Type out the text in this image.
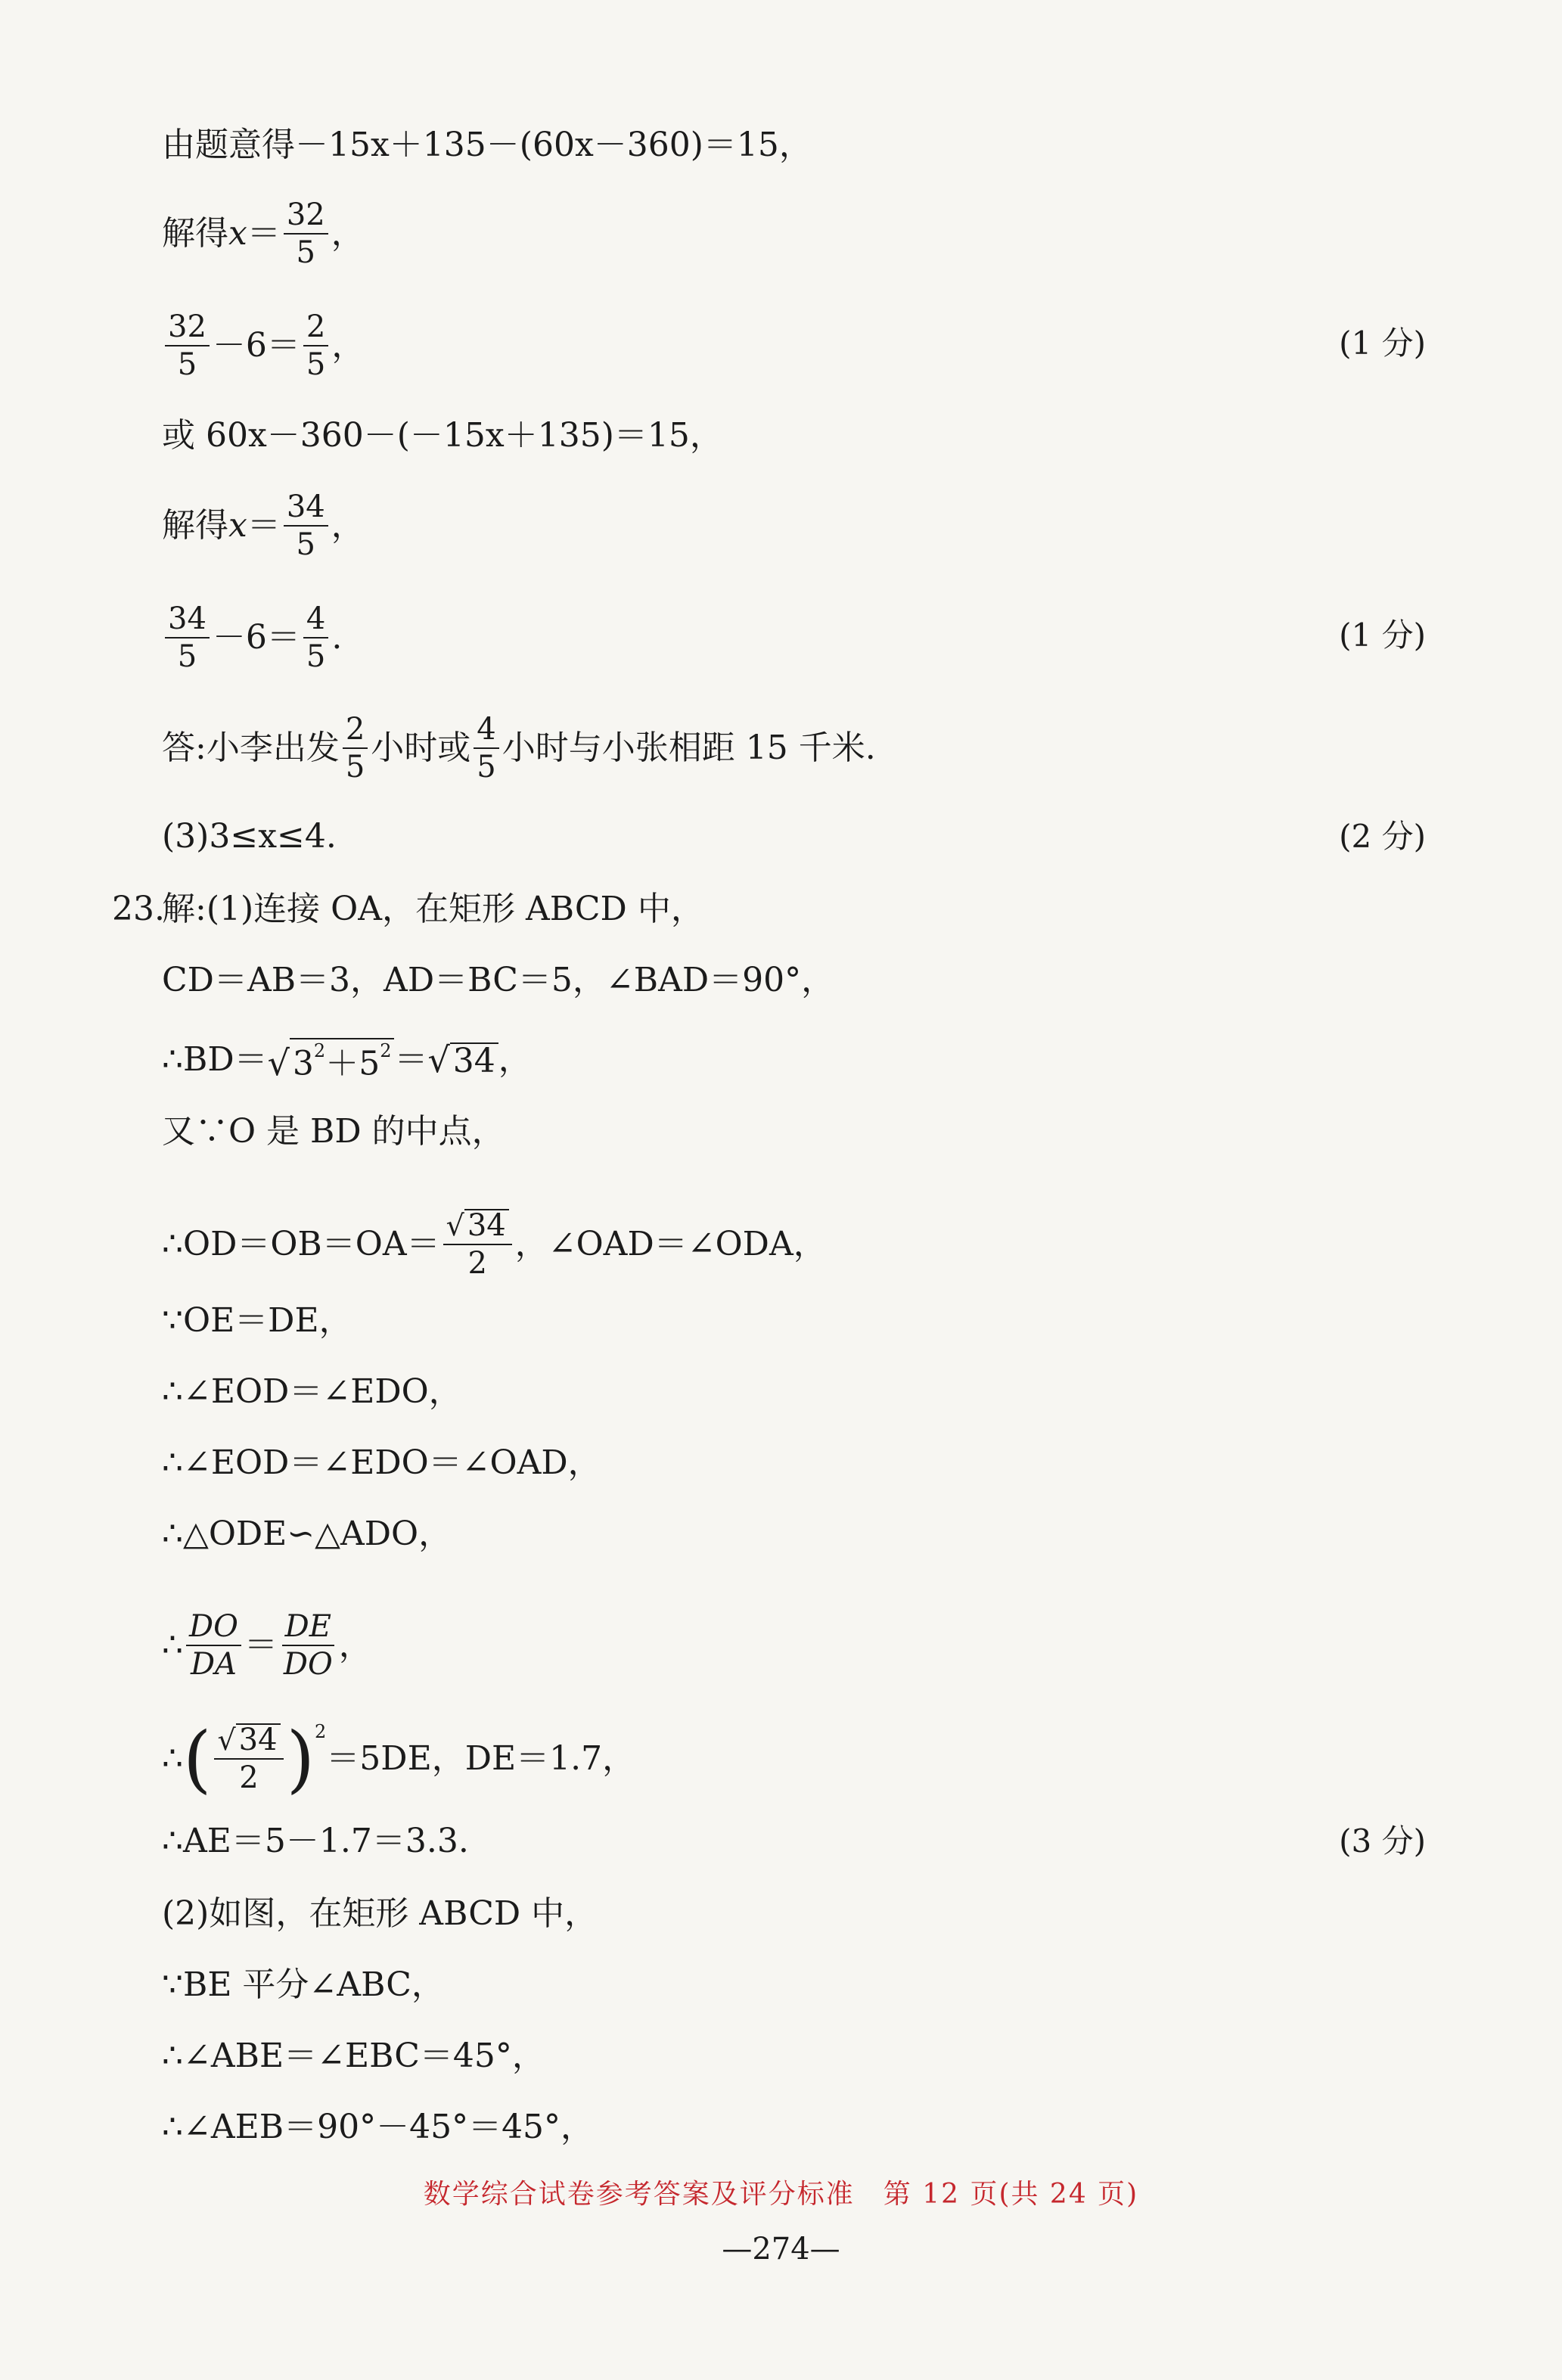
由题意得－15x＋135－(60x－360)＝15，
解得 $x = \frac{32}{5}$ ，
$\frac{32}{5} -6= \frac{2}{5}$ ，	(1 分)
或 60x－360－(－15x＋135)＝15，
解得 $x = \frac{34}{5}$ ，
$\frac{34}{5} -6= \frac{4}{5}$ .	(1 分)
答:小李出发 $\frac{2}{5}$ 小时或 $\frac{4}{5}$ 小时与小张相距 15 千米.
(3)3≤x≤4.	(2 分)
23.
解:(1)连接 OA，在矩形 ABCD 中，
CD＝AB＝3，AD＝BC＝5，∠BAD＝90°，
∴BD＝ √ $3^2+5^2$ ＝ √ 34 ，
又∵O 是 BD 的中点，
∴OD＝OB＝OA＝ $\frac{√ 34}{2}$ ，∠OAD＝∠ODA，
∵OE＝DE，
∴∠EOD＝∠EDO，
∴∠EOD＝∠EDO＝∠OAD，
∴△ODE∽△ADO，
∴ $\frac{DO}{DA} = \frac{DE}{DO}$ ，
∴ ( $\frac{√ 34}{2} )^2$
＝5DE，DE＝1.7，
∴AE＝5－1.7＝3.3.	(3 分)
(2)如图，在矩形 ABCD 中，
∵BE 平分∠ABC，
∴∠ABE＝∠EBC＝45°，
∴∠AEB＝90°－45°＝45°，
数学综合试卷参考答案及评分标准　第 12 页(共 24 页)
—274—
